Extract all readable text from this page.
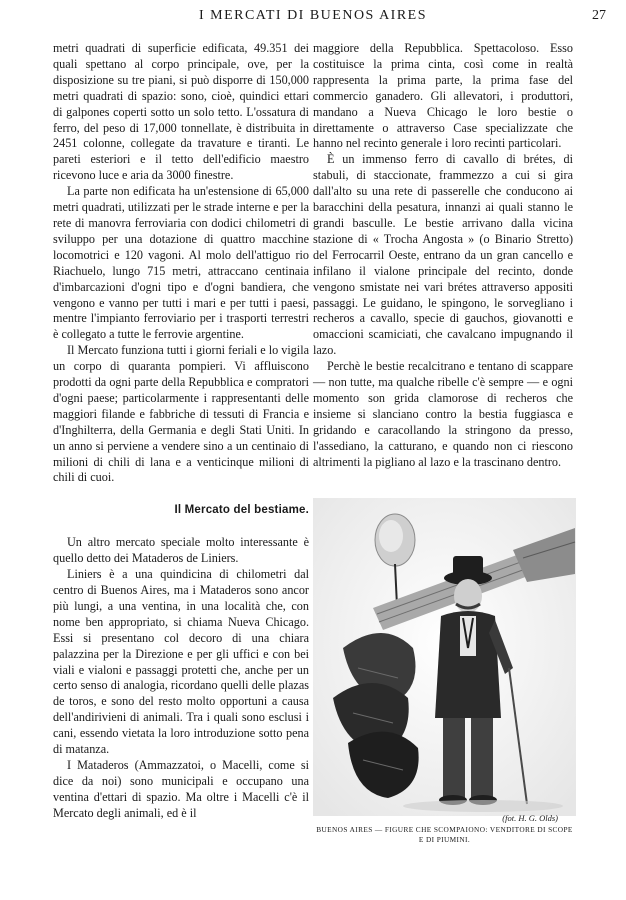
I MERCATI DI BUENOS AIRES	27

metri quadrati di superficie edificata, 49.351 dei quali spettano al corpo principale, ove, per la disposizione su tre piani, si può disporre di 150,000 metri quadrati di spazio: sono, cioè, quindici ettari di galpones coperti sotto un solo tetto. L'ossatura di ferro, del peso di 17,000 tonnellate, è distribuita in 2451 colonne, collegate da travature e tiranti. Le pareti esteriori e il tetto dell'edificio maestro ricevono luce e aria da 3000 finestre.

La parte non edificata ha un'estensione di 65,000 metri quadrati, utilizzati per le strade interne e per la rete di manovra ferroviaria con dodici chilometri di sviluppo per una dotazione di quattro macchine locomotrici e 120 vagoni. Al molo dell'attiguo rio Riachuelo, lungo 715 metri, attraccano centinaia d'imbarcazioni d'ogni tipo e d'ogni bandiera, che vengono e vanno per tutti i mari e per tutti i paesi, mentre l'impianto ferroviario per i trasporti terrestri è collegato a tutte le ferrovie argentine.

Il Mercato funziona tutti i giorni feriali e lo vigila un corpo di quaranta pompieri. Vi affluiscono prodotti da ogni parte della Repubblica e compratori d'ogni paese; particolarmente i rappresentanti delle maggiori filande e fabbriche di tessuti di Francia e d'Inghilterra, della Germania e degli Stati Uniti. In un anno si perviene a vendere sino a un centinaio di milioni di chili di lana e a venticinque milioni di chili di cuoi.

Il Mercato del bestiame.

Un altro mercato speciale molto interessante è quello detto dei Mataderos de Liniers.

Liniers è a una quindicina di chilometri dal centro di Buenos Aires, ma i Mataderos sono ancor più lungi, a una ventina, in una località che, con nome ben appropriato, si chiama Nueva Chicago. Essi si presentano col decoro di una chiara palazzina per la Direzione e per gli uffici e con bei viali e vialoni e passaggi protetti che, anche per un certo senso di analogia, ricordano quelli delle plazas de toros, e sono del resto molto opportuni a causa dell'andirivieni di animali. Tra i quali sono esclusi i cani, essendo vietata la loro introduzione sotto pena di matanza.

I Mataderos (Ammazzatoi, o Macelli, come si dice da noi) sono municipali e occupano una ventina d'ettari di spazio. Ma oltre i Macelli c'è il Mercato degli animali, ed è il

maggiore della Repubblica. Spettacoloso. Esso costituisce la prima cinta, così come in realtà rappresenta la prima parte, la prima fase del commercio ganadero. Gli allevatori, i produttori, mandano a Nueva Chicago le loro bestie o direttamente o attraverso Case specializzate che hanno nel recinto generale i loro recinti particolari.

È un immenso ferro di cavallo di brétes, di stabuli, di staccionate, frammezzo a cui si gira dall'alto su una rete di passerelle che conducono ai baracchini della pesatura, innanzi ai quali stanno le grandi basculle. Le bestie arrivano dalla vicina stazione di « Trocha Angosta » (o Binario Stretto) del Ferrocarril Oeste, entrano da un gran cancello e infilano il vialone principale del recinto, donde vengono smistate nei vari brétes attraverso appositi passaggi. Le guidano, le spingono, le sorvegliano i recheros a cavallo, specie di gauchos, giovanotti e omaccioni scamiciati, che cavalcano impugnando il lazo.

Perchè le bestie recalcitrano e tentano di scappare — non tutte, ma qualche ribelle c'è sempre — e ogni momento son grida clamorose di recheros che insieme si slanciano contro la bestia fuggiasca e gridando e caracollando la stringono da presso, l'assediano, la catturano, e quando non ci riescono altrimenti la pigliano al lazo e la trascinano dentro.

(fot. H. G. Olds)
BUENOS AIRES — FIGURE CHE SCOMPAIONO: VENDITORE DI SCOPE
E DI PIUMINI.
